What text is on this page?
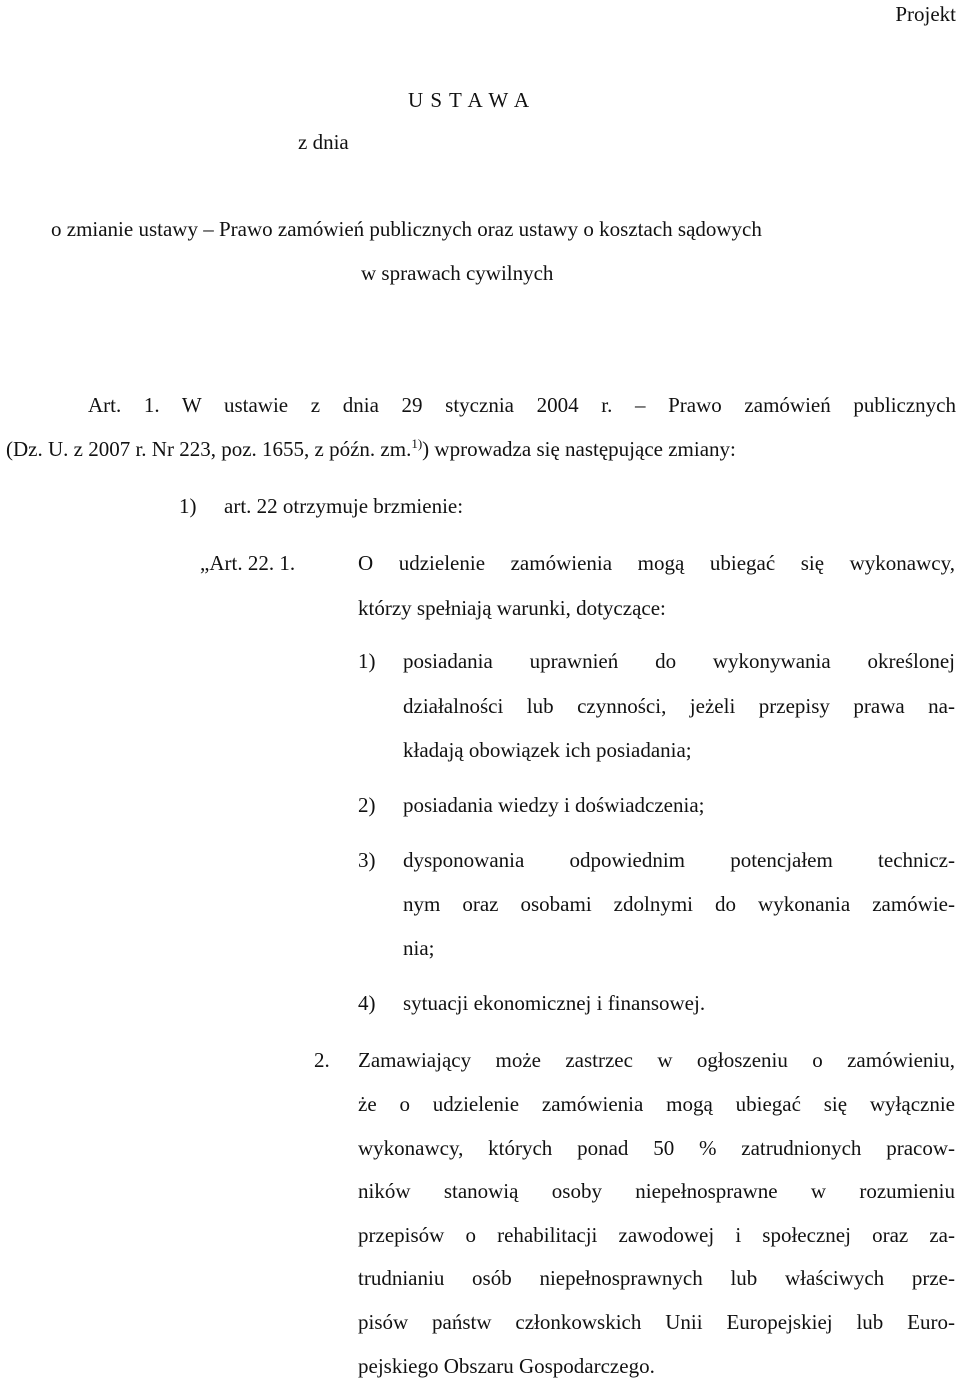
Projekt
U S T A W A
z dnia
o zmianie ustawy – Prawo zamówień publicznych oraz ustawy o kosztach sądowych
w sprawach cywilnych
Art. 1. W ustawie z dnia 29 stycznia 2004 r. – Prawo zamówień publicznych
(Dz. U. z 2007 r. Nr 223, poz. 1655, z późn. zm.$^{1)}$) wprowadza się następujące zmiany:
1) art. 22 otrzymuje brzmienie:
„Art. 22. 1.	O udzielenie zamówienia mogą ubiegać się wykonawcy,
którzy spełniają warunki, dotyczące:
1) posiadania uprawnień do wykonywania określonej
działalności lub czynności, jeżeli przepisy prawa na-
kładają obowiązek ich posiadania;
2) posiadania wiedzy i doświadczenia;
3) dysponowania odpowiednim potencjałem technicz-
nym oraz osobami zdolnymi do wykonania zamówie-
nia;
4) sytuacji ekonomicznej i finansowej.
2. Zamawiający może zastrzec w ogłoszeniu o zamówieniu,
że o udzielenie zamówienia mogą ubiegać się wyłącznie
wykonawcy, których ponad 50 % zatrudnionych pracow-
ników stanowią osoby niepełnosprawne w rozumieniu
przepisów o rehabilitacji zawodowej i społecznej oraz za-
trudnianiu osób niepełnosprawnych lub właściwych prze-
pisów państw członkowskich Unii Europejskiej lub Euro-
pejskiego Obszaru Gospodarczego.
